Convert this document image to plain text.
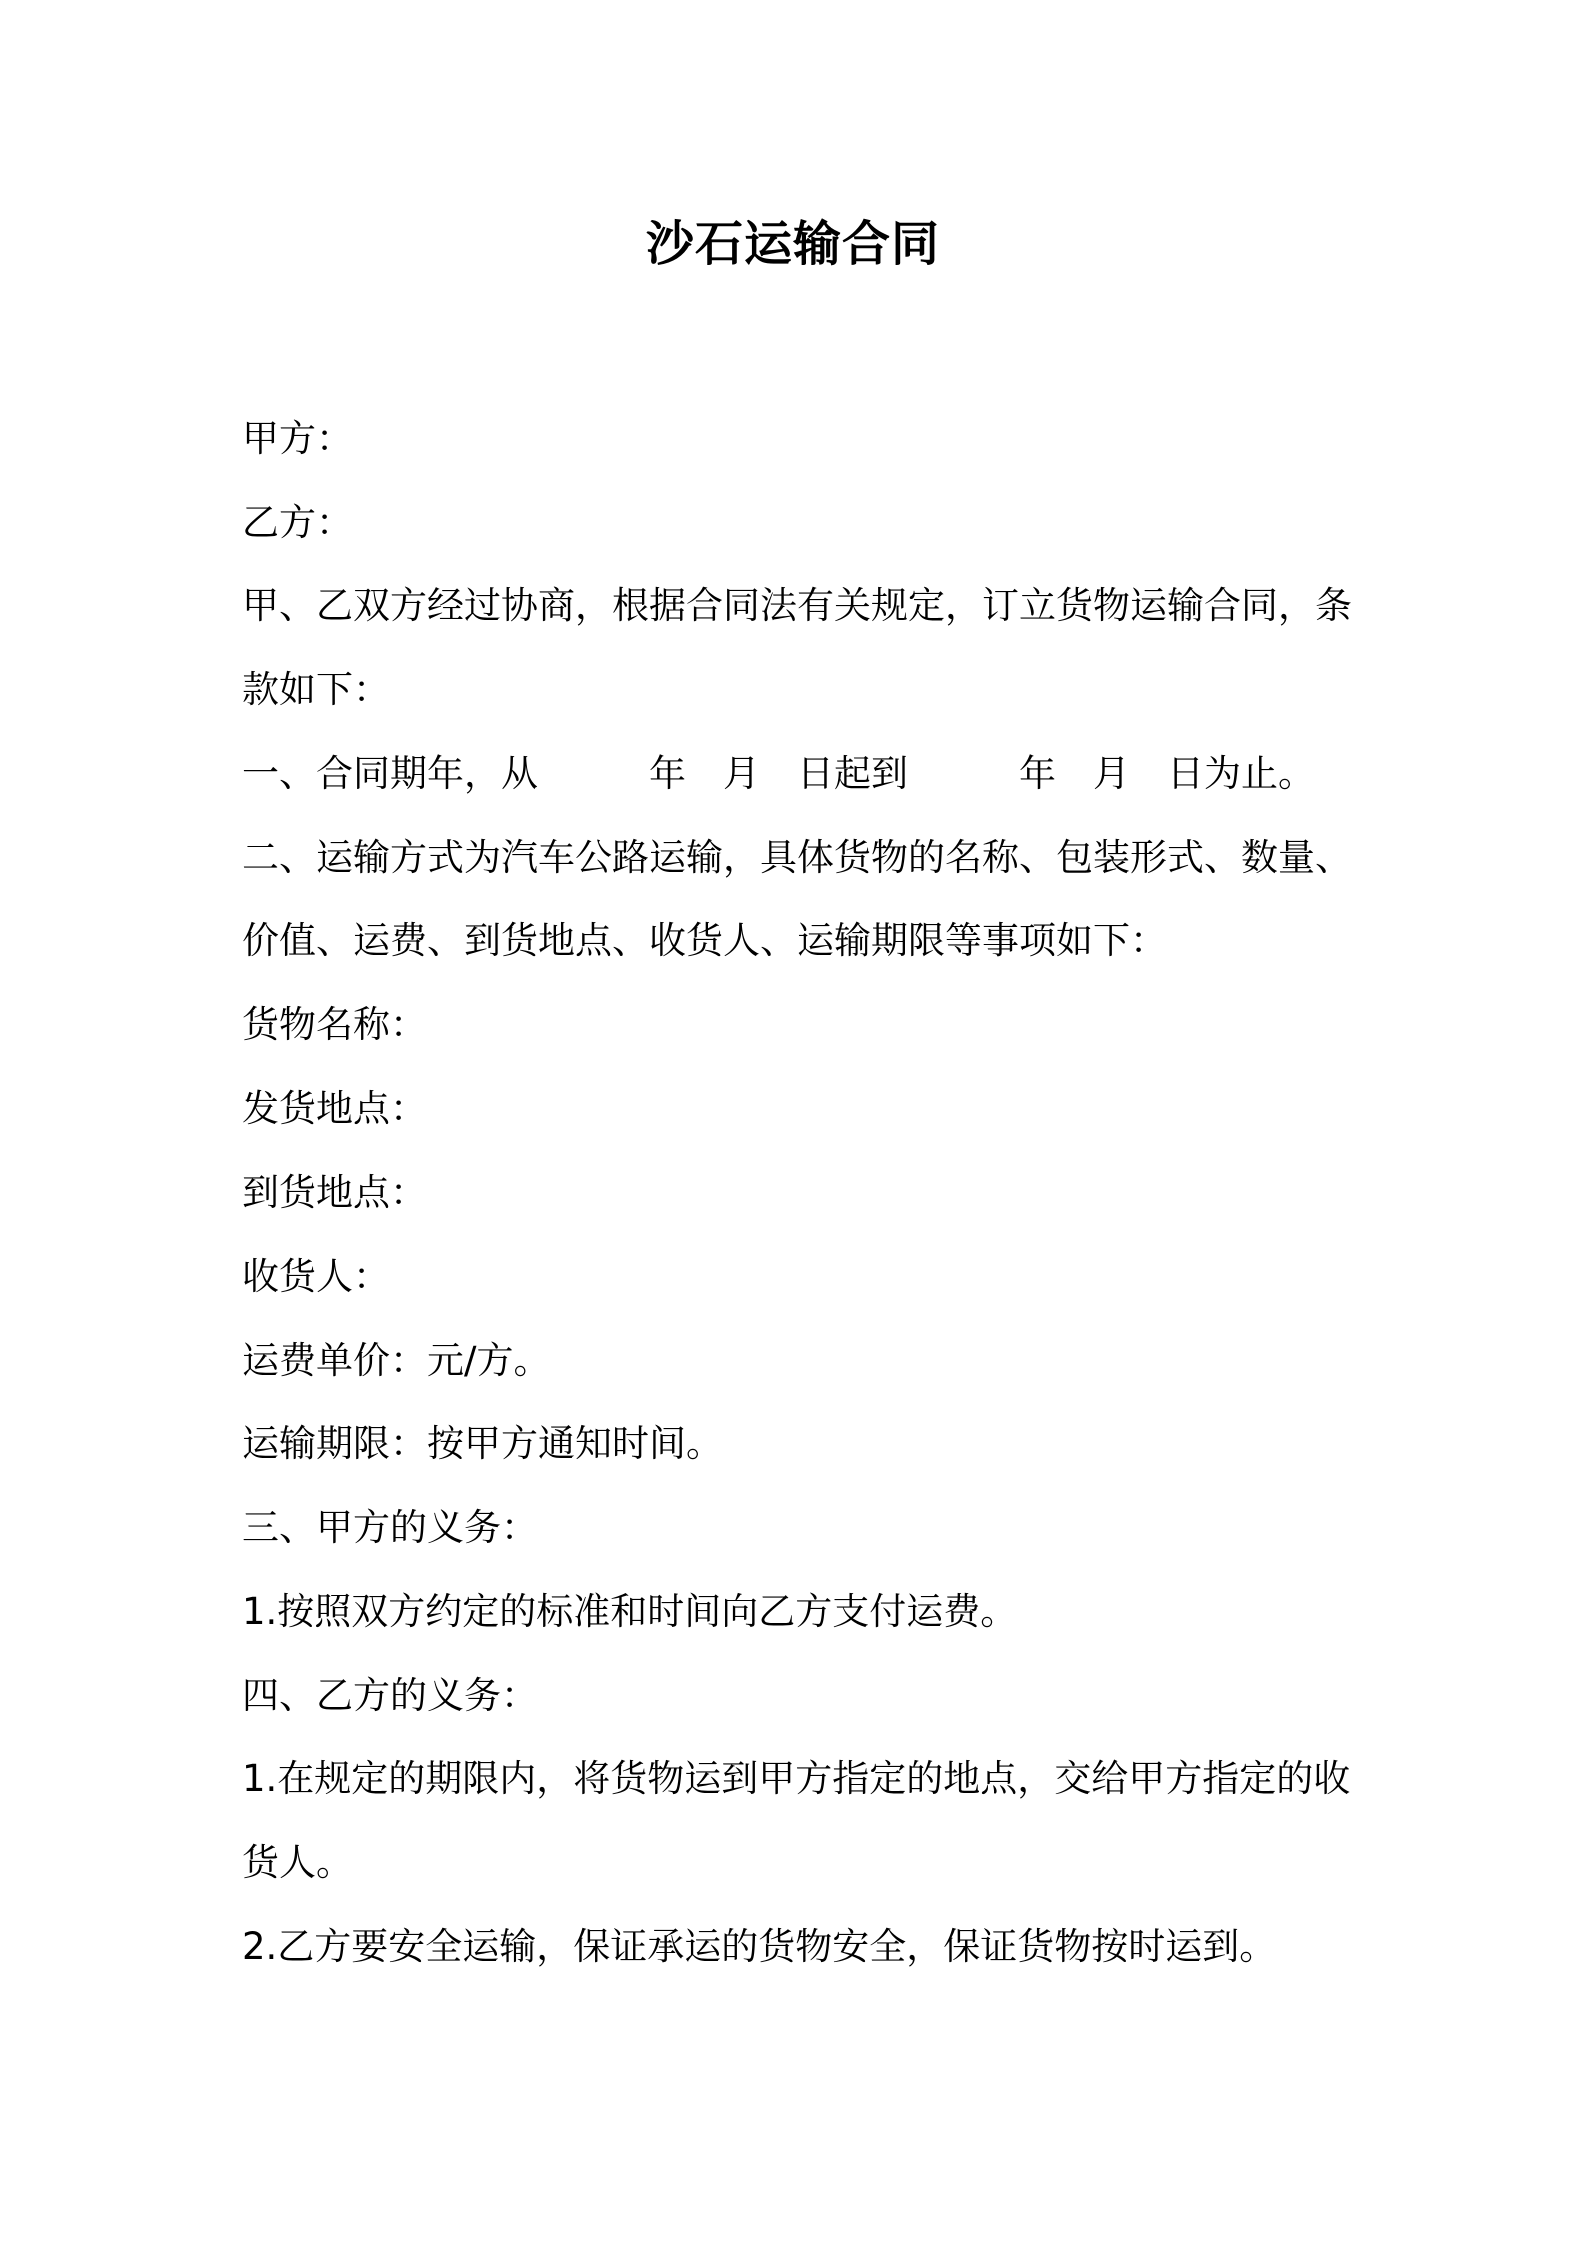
沙石运输合同
甲方：
乙方：
甲、乙双方经过协商，根据合同法有关规定，订立货物运输合同，条
款如下：
一、合同期年，从　　　年　月　日起到　　　年　月　日为止。
二、运输方式为汽车公路运输，具体货物的名称、包装形式、数量、
价值、运费、到货地点、收货人、运输期限等事项如下：
货物名称：
发货地点：
到货地点：
收货人：
运费单价：元/方。
运输期限：按甲方通知时间。
三、甲方的义务：
1.按照双方约定的标准和时间向乙方支付运费。
四、乙方的义务：
1.在规定的期限内，将货物运到甲方指定的地点，交给甲方指定的收
货人。
2.乙方要安全运输，保证承运的货物安全，保证货物按时运到。
